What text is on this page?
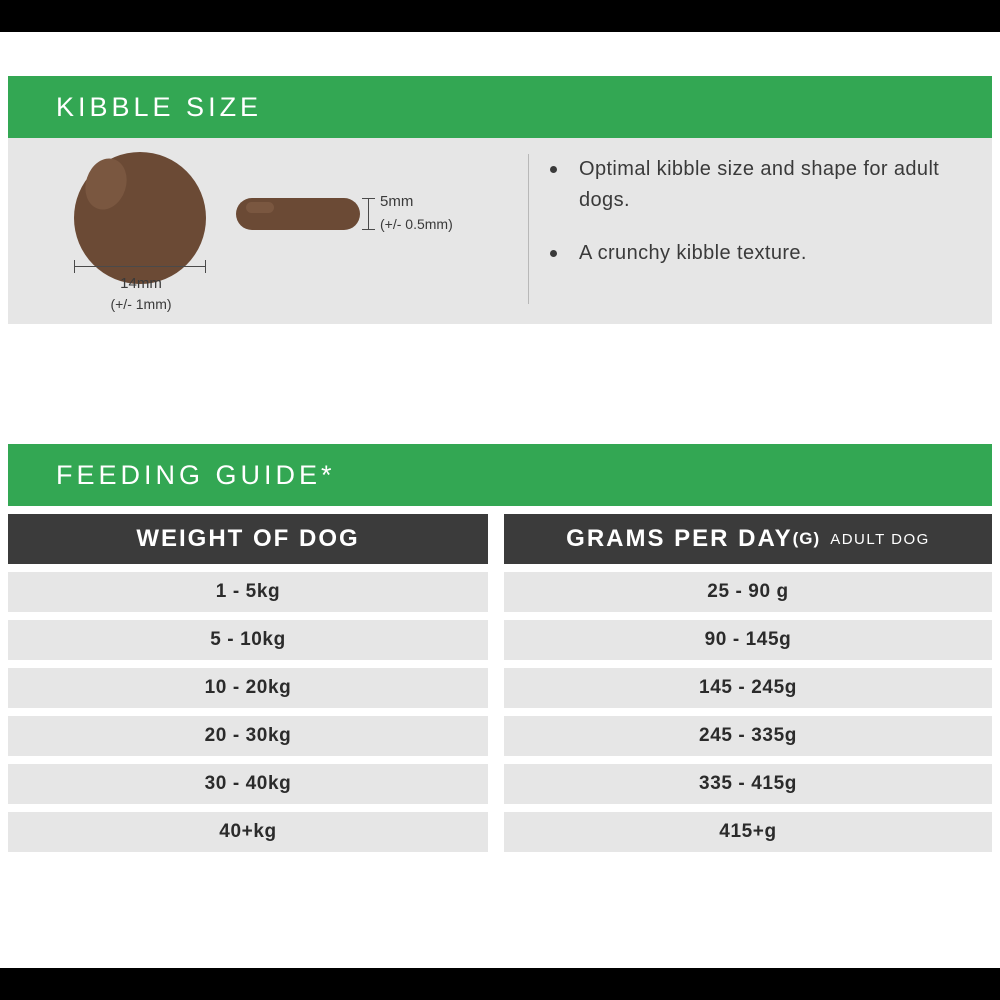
KIBBLE SIZE
14mm
(+/- 1mm)
5mm
(+/- 0.5mm)
Optimal kibble size and shape for adult dogs.
A crunchy kibble texture.
FEEDING GUIDE*
WEIGHT OF DOG	GRAMS PER DAY (G) ADULT DOG
1 - 5kg	25 - 90 g
5 - 10kg	90 - 145g
10 - 20kg	145 - 245g
20 - 30kg	245 - 335g
30 - 40kg	335 - 415g
40+kg	415+g
